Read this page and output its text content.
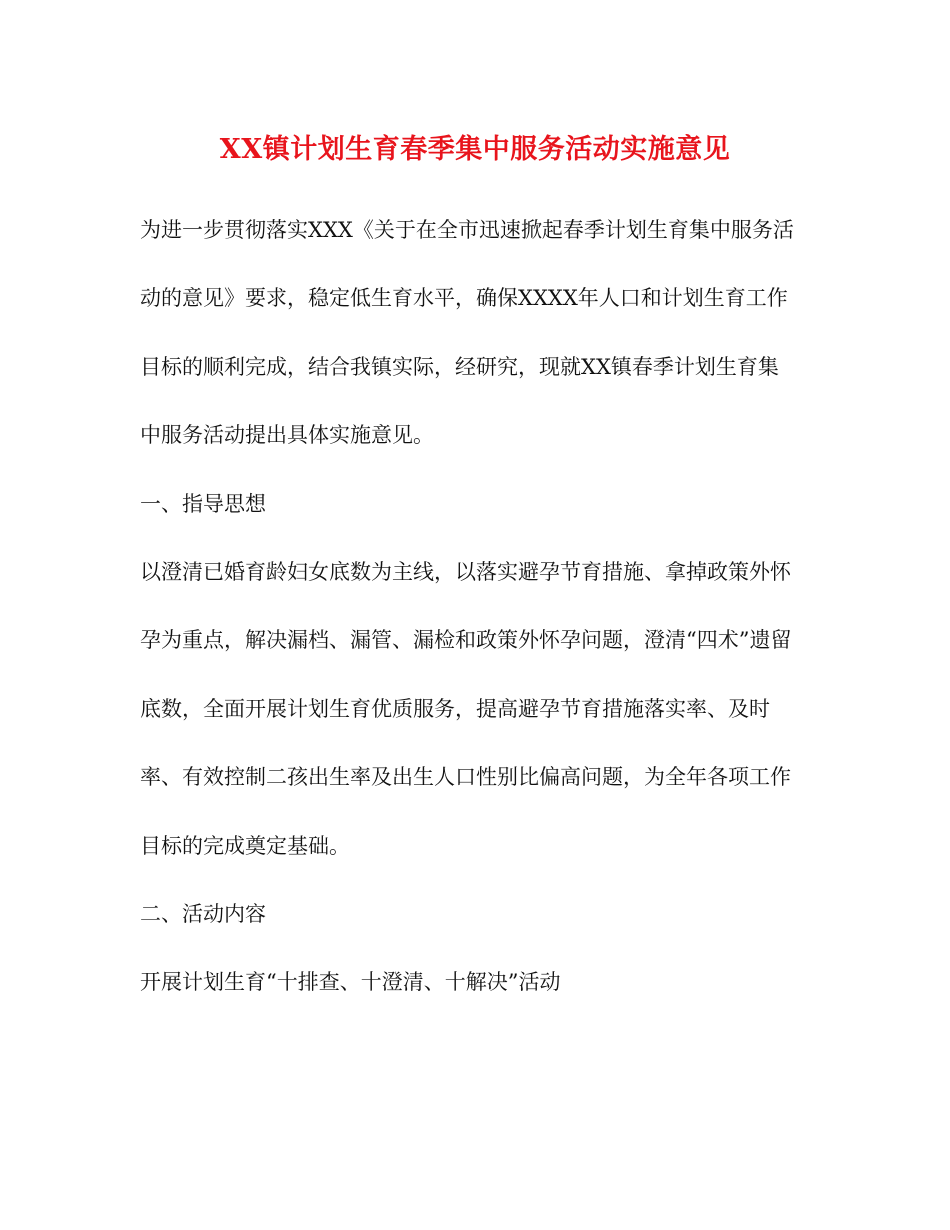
XX镇计划生育春季集中服务活动实施意见

为进一步贯彻落实XXX《关于在全市迅速掀起春季计划生育集中服务活

动的意见》要求，稳定低生育水平，确保XXXX年人口和计划生育工作

目标的顺利完成，结合我镇实际，经研究，现就XX镇春季计划生育集

中服务活动提出具体实施意见。

一、指导思想

以澄清已婚育龄妇女底数为主线，以落实避孕节育措施、拿掉政策外怀

孕为重点，解决漏档、漏管、漏检和政策外怀孕问题，澄清“四术”遗留

底数，全面开展计划生育优质服务，提高避孕节育措施落实率、及时

率、有效控制二孩出生率及出生人口性别比偏高问题，为全年各项工作

目标的完成奠定基础。

二、活动内容

开展计划生育“十排查、十澄清、十解决”活动
